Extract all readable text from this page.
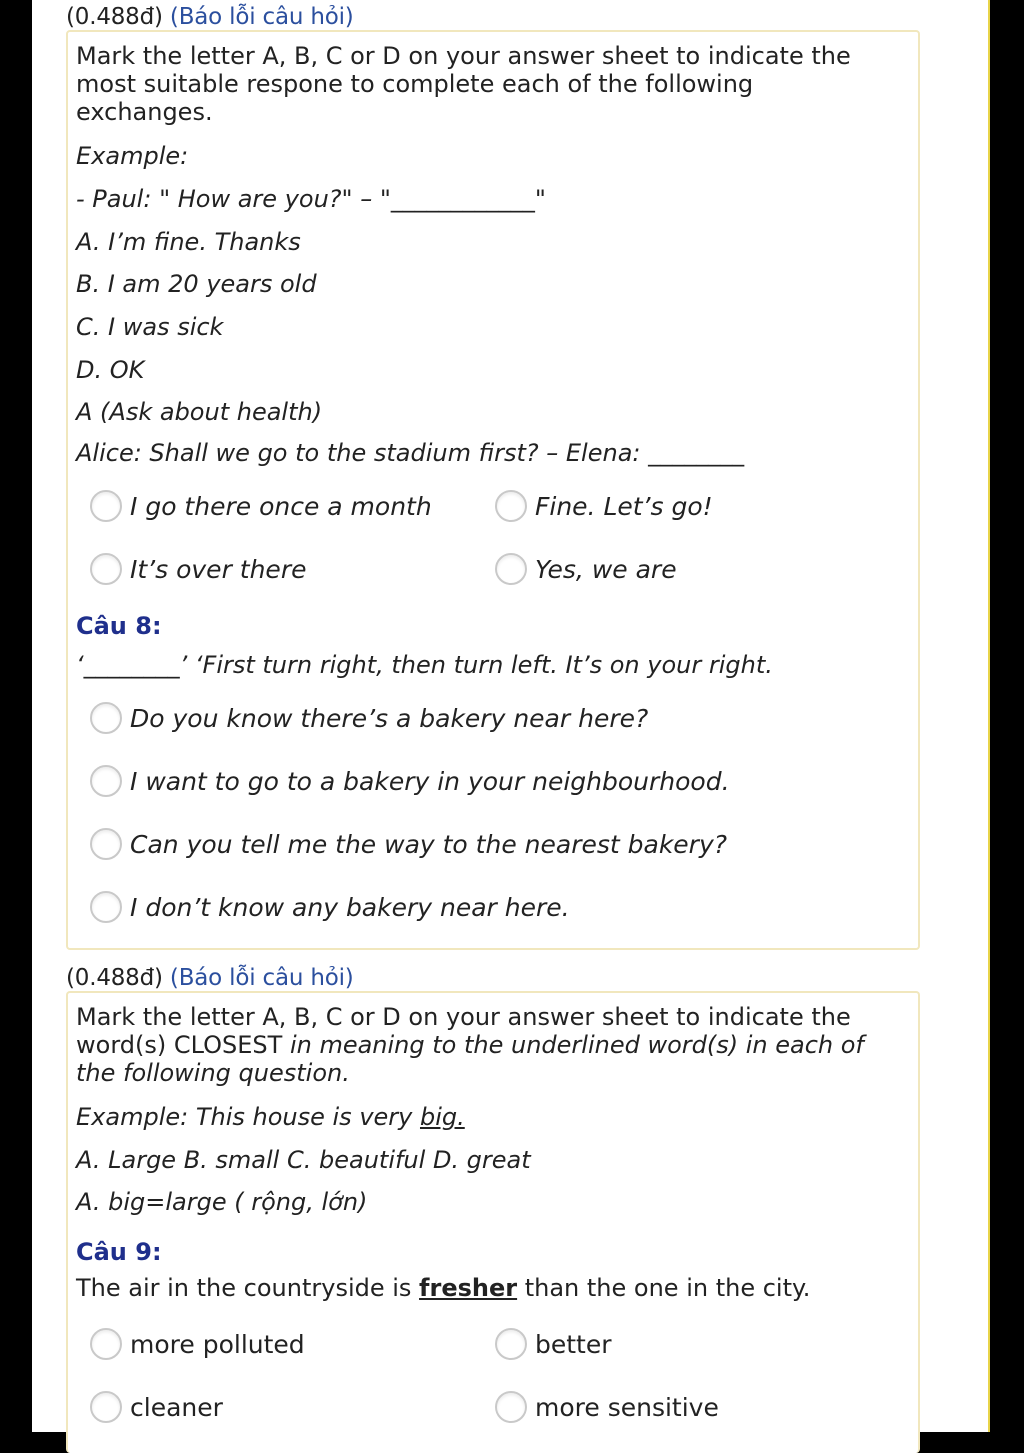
(0.488đ) (Báo lỗi câu hỏi)
Mark the letter A, B, C or D on your answer sheet to indicate the
most suitable respone to complete each of the following
exchanges.
Example:
- Paul: " How are you?" – "____________"
A. I’m fine. Thanks
B. I am 20 years old
C. I was sick
D. OK
A (Ask about health)
Alice: Shall we go to the stadium first? – Elena: ________
I go there once a month	Fine. Let’s go!
It’s over there	Yes, we are
Câu 8:
‘________’ ‘First turn right, then turn left. It’s on your right.
Do you know there’s a bakery near here?
I want to go to a bakery in your neighbourhood.
Can you tell me the way to the nearest bakery?
I don’t know any bakery near here.
(0.488đ) (Báo lỗi câu hỏi)
Mark the letter A, B, C or D on your answer sheet to indicate the
word(s) CLOSEST in meaning to the underlined word(s) in each of
the following question.
Example: This house is very big.
A. Large B. small C. beautiful D. great
A. big=large ( rộng, lớn)
Câu 9:
The air in the countryside is fresher than the one in the city.
more polluted	better
cleaner	more sensitive
